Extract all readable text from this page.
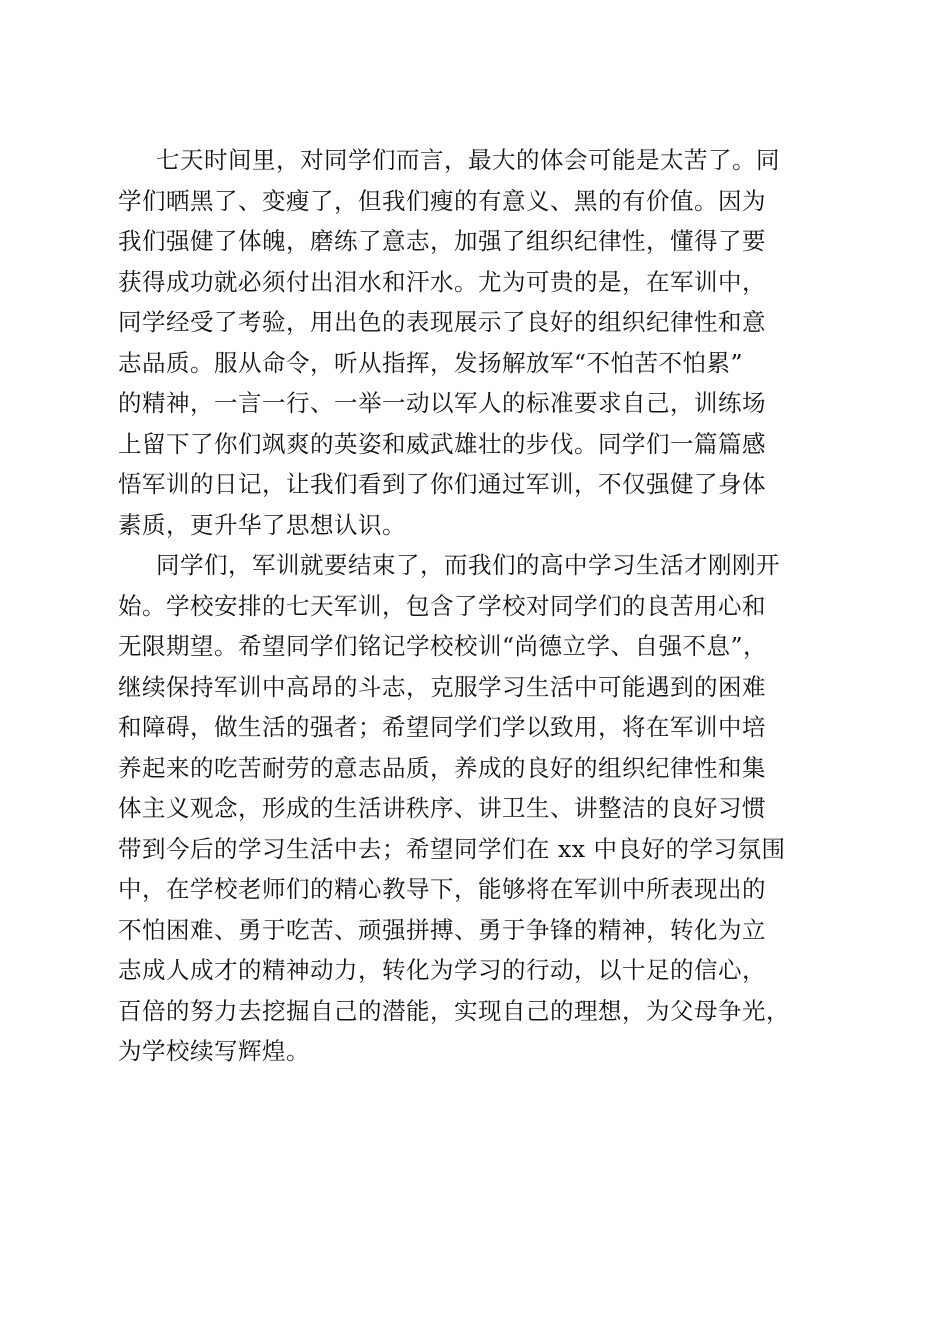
七天时间里，对同学们而言，最大的体会可能是太苦了。同
学们晒黑了、变瘦了，但我们瘦的有意义、黑的有价值。因为
我们强健了体魄，磨练了意志，加强了组织纪律性，懂得了要
获得成功就必须付出泪水和汗水。尤为可贵的是，在军训中，
同学经受了考验，用出色的表现展示了良好的组织纪律性和意
志品质。服从命令，听从指挥，发扬解放军“不怕苦不怕累”
的精神，一言一行、一举一动以军人的标准要求自己，训练场
上留下了你们飒爽的英姿和威武雄壮的步伐。同学们一篇篇感
悟军训的日记，让我们看到了你们通过军训，不仅强健了身体
素质，更升华了思想认识。
同学们，军训就要结束了，而我们的高中学习生活才刚刚开
始。学校安排的七天军训，包含了学校对同学们的良苦用心和
无限期望。希望同学们铭记学校校训“尚德立学、自强不息”，
继续保持军训中高昂的斗志，克服学习生活中可能遇到的困难
和障碍，做生活的强者；希望同学们学以致用，将在军训中培
养起来的吃苦耐劳的意志品质，养成的良好的组织纪律性和集
体主义观念，形成的生活讲秩序、讲卫生、讲整洁的良好习惯
带到今后的学习生活中去；希望同学们在 xx 中良好的学习氛围
中，在学校老师们的精心教导下，能够将在军训中所表现出的
不怕困难、勇于吃苦、顽强拼搏、勇于争锋的精神，转化为立
志成人成才的精神动力，转化为学习的行动，以十足的信心，
百倍的努力去挖掘自己的潜能，实现自己的理想，为父母争光，
为学校续写辉煌。
